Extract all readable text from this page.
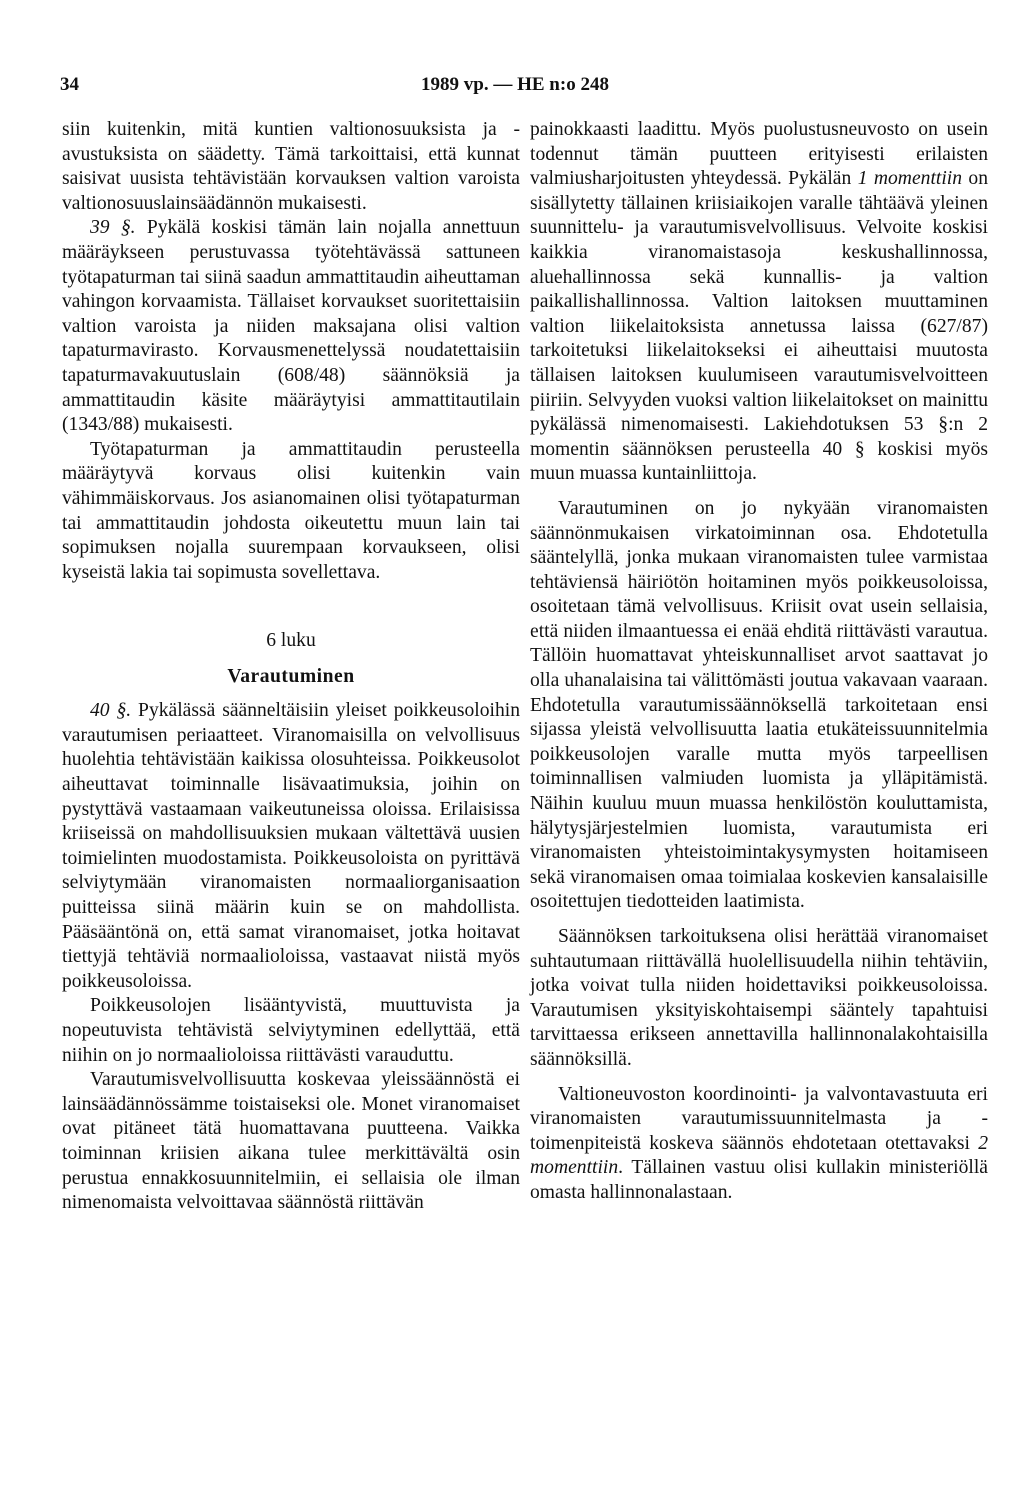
34	1989 vp. — HE n:o 248

siin kuitenkin, mitä kuntien valtionosuuksista ja -avustuksista on säädetty. Tämä tarkoittaisi, että kunnat saisivat uusista tehtävistään korvauksen valtion varoista valtionosuuslainsäädännön mukaisesti.

39 §. Pykälä koskisi tämän lain nojalla annettuun määräykseen perustuvassa työtehtävässä sattuneen työtapaturman tai siinä saadun ammattitaudin aiheuttaman vahingon korvaamista. Tällaiset korvaukset suoritettaisiin valtion varoista ja niiden maksajana olisi valtion tapaturmavirasto. Korvausmenettelyssä noudatettaisiin tapaturmavakuutuslain (608/48) säännöksiä ja ammattitaudin käsite määräytyisi ammattitautilain (1343/88) mukaisesti.

Työtapaturman ja ammattitaudin perusteella määräytyvä korvaus olisi kuitenkin vain vähimmäiskorvaus. Jos asianomainen olisi työtapaturman tai ammattitaudin johdosta oikeutettu muun lain tai sopimuksen nojalla suurempaan korvaukseen, olisi kyseistä lakia tai sopimusta sovellettava.

6 luku
Varautuminen

40 §. Pykälässä säänneltäisiin yleiset poikkeusoloihin varautumisen periaatteet. Viranomaisilla on velvollisuus huolehtia tehtävistään kaikissa olosuhteissa. Poikkeusolot aiheuttavat toiminnalle lisävaatimuksia, joihin on pystyttävä vastaamaan vaikeutuneissa oloissa. Erilaisissa kriiseissä on mahdollisuuksien mukaan vältettävä uusien toimielinten muodostamista. Poikkeusoloista on pyrittävä selviytymään viranomaisten normaaliorganisaation puitteissa siinä määrin kuin se on mahdollista. Pääsääntönä on, että samat viranomaiset, jotka hoitavat tiettyjä tehtäviä normaalioloissa, vastaavat niistä myös poikkeusoloissa.

Poikkeusolojen lisääntyvistä, muuttuvista ja nopeutuvista tehtävistä selviytyminen edellyttää, että niihin on jo normaalioloissa riittävästi varauduttu.

Varautumisvelvollisuutta koskevaa yleissäännöstä ei lainsäädännössämme toistaiseksi ole. Monet viranomaiset ovat pitäneet tätä huomattavana puutteena. Vaikka toiminnan kriisien aikana tulee merkittävältä osin perustua ennakkosuunnitelmiin, ei sellaisia ole ilman nimenomaista velvoittavaa säännöstä riittävän

painokkaasti laadittu. Myös puolustusneuvosto on usein todennut tämän puutteen erityisesti erilaisten valmiusharjoitusten yhteydessä. Pykälän 1 momenttiin on sisällytetty tällainen kriisiaikojen varalle tähtäävä yleinen suunnittelu- ja varautumisvelvollisuus. Velvoite koskisi kaikkia viranomaistasoja keskushallinnossa, aluehallinnossa sekä kunnallis- ja valtion paikallishallinnossa. Valtion laitoksen muuttaminen valtion liikelaitoksista annetussa laissa (627/87) tarkoitetuksi liikelaitokseksi ei aiheuttaisi muutosta tällaisen laitoksen kuulumiseen varautumisvelvoitteen piiriin. Selvyyden vuoksi valtion liikelaitokset on mainittu pykälässä nimenomaisesti. Lakiehdotuksen 53 §:n 2 momentin säännöksen perusteella 40 § koskisi myös muun muassa kuntainliittoja.

Varautuminen on jo nykyään viranomaisten säännönmukaisen virkatoiminnan osa. Ehdotetulla sääntelyllä, jonka mukaan viranomaisten tulee varmistaa tehtäviensä häiriötön hoitaminen myös poikkeusoloissa, osoitetaan tämä velvollisuus. Kriisit ovat usein sellaisia, että niiden ilmaantuessa ei enää ehditä riittävästi varautua. Tällöin huomattavat yhteiskunnalliset arvot saattavat jo olla uhanalaisina tai välittömästi joutua vakavaan vaaraan. Ehdotetulla varautumissäännöksellä tarkoitetaan ensi sijassa yleistä velvollisuutta laatia etukäteissuunnitelmia poikkeusolojen varalle mutta myös tarpeellisen toiminnallisen valmiuden luomista ja ylläpitämistä. Näihin kuuluu muun muassa henkilöstön kouluttamista, hälytysjärjestelmien luomista, varautumista eri viranomaisten yhteistoimintakysymysten hoitamiseen sekä viranomaisen omaa toimialaa koskevien kansalaisille osoitettujen tiedotteiden laatimista.

Säännöksen tarkoituksena olisi herättää viranomaiset suhtautumaan riittävällä huolellisuudella niihin tehtäviin, jotka voivat tulla niiden hoidettaviksi poikkeusoloissa. Varautumisen yksityiskohtaisempi sääntely tapahtuisi tarvittaessa erikseen annettavilla hallinnonalakohtaisilla säännöksillä.

Valtioneuvoston koordinointi- ja valvontavastuuta eri viranomaisten varautumissuunnitelmasta ja -toimenpiteistä koskeva säännös ehdotetaan otettavaksi 2 momenttiin. Tällainen vastuu olisi kullakin ministeriöllä omasta hallinnonalastaan.
